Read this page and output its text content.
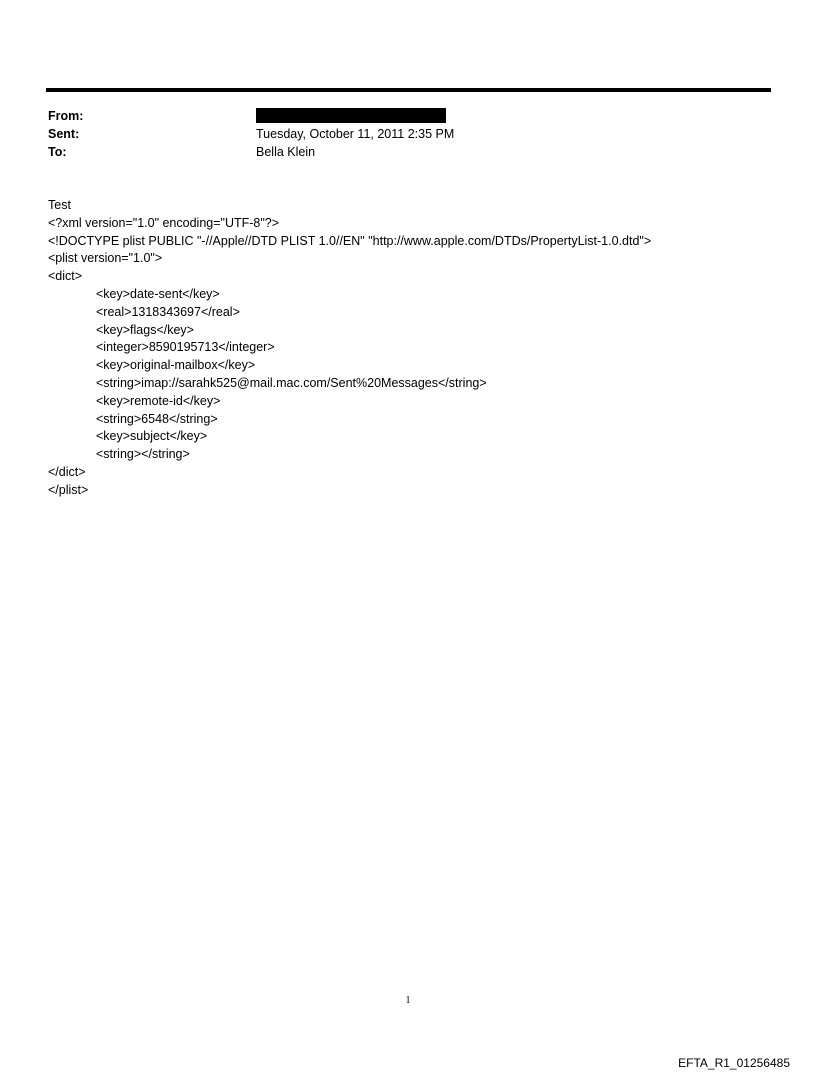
From:
Sent:	Tuesday, October 11, 2011 2:35 PM
To:	Bella Klein
Test
<?xml version="1.0" encoding="UTF-8"?>
<!DOCTYPE plist PUBLIC "-//Apple//DTD PLIST 1.0//EN" "http://www.apple.com/DTDs/PropertyList-1.0.dtd">
<plist version="1.0">
<dict>
<key>date-sent</key>
<real>1318343697</real>
<key>flags</key>
<integer>8590195713</integer>
<key>original-mailbox</key>
<string>imap://sarahk525@mail.mac.com/Sent%20Messages</string>
<key>remote-id</key>
<string>6548</string>
<key>subject</key>
<string></string>
</dict>
</plist>
1
EFTA_R1_01256485
